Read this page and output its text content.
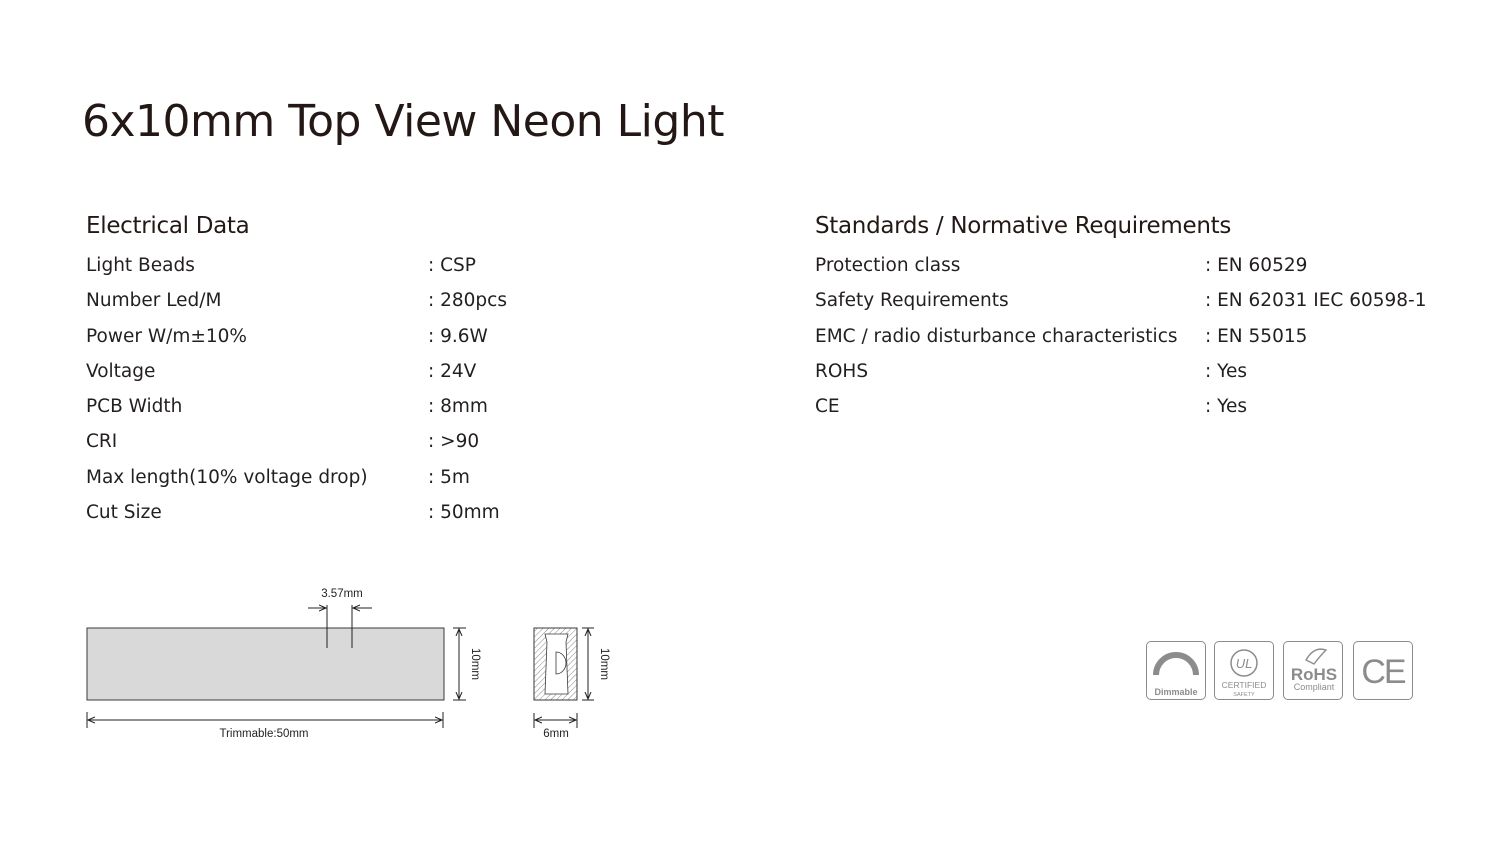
6x10mm Top View Neon Light
Electrical Data
Light Beads	: CSP
Number Led/M	: 280pcs
Power W/m±10%	: 9.6W
Voltage	: 24V
PCB Width	: 8mm
CRI	: >90
Max length(10% voltage drop)	: 5m
Cut Size	: 50mm
Standards / Normative Requirements
Protection class	: EN 60529
Safety Requirements	: EN 62031 IEC 60598-1
EMC / radio disturbance characteristics : EN 55015
ROHS	: Yes
CE	: Yes
3.57mm
10mm
Trimmable:50mm
10mm
6mm
Dimmable
UL
CERTIFIED
SAFETY
RoHS
Compliant CE
